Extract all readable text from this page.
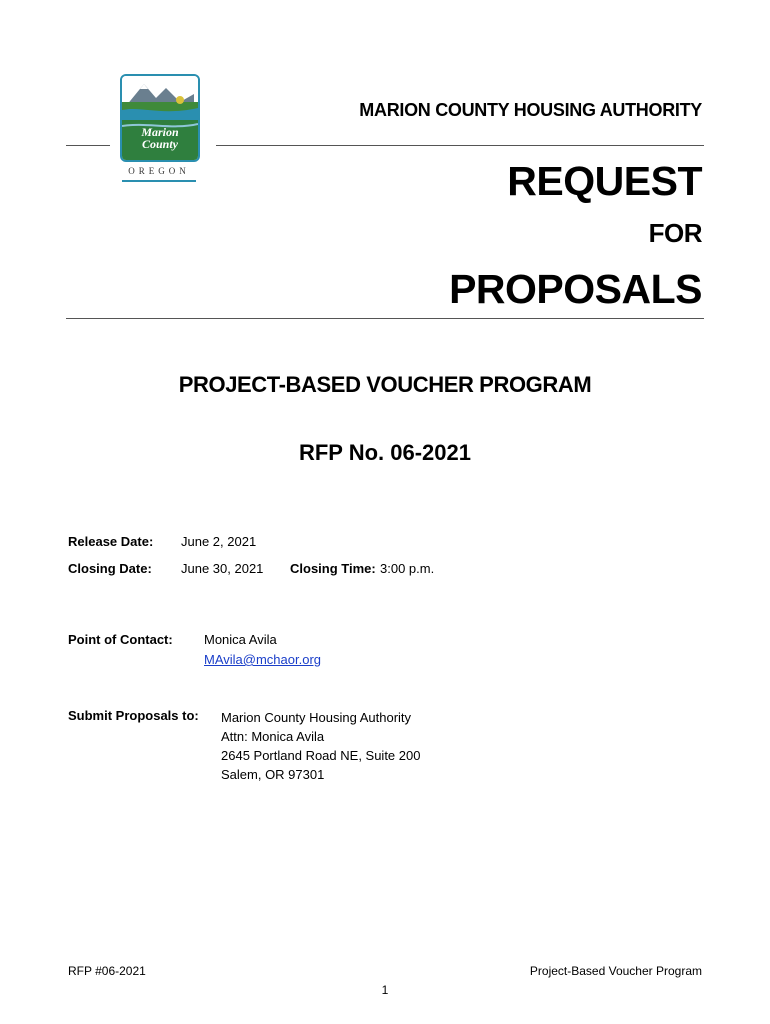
Marion
County
OREGON
MARION COUNTY HOUSING AUTHORITY
REQUEST
FOR
PROPOSALS
PROJECT-BASED VOUCHER PROGRAM
RFP No. 06-2021
Release Date: June 2, 2021
Closing Date: June 30, 2021 Closing Time: 3:00 p.m.
Point of Contact: Monica Avila
MAvila@mchaor.org
Submit Proposals to: Marion County Housing Authority
Attn: Monica Avila
2645 Portland Road NE, Suite 200
Salem, OR 97301
RFP #06-2021	Project-Based Voucher Program
1
